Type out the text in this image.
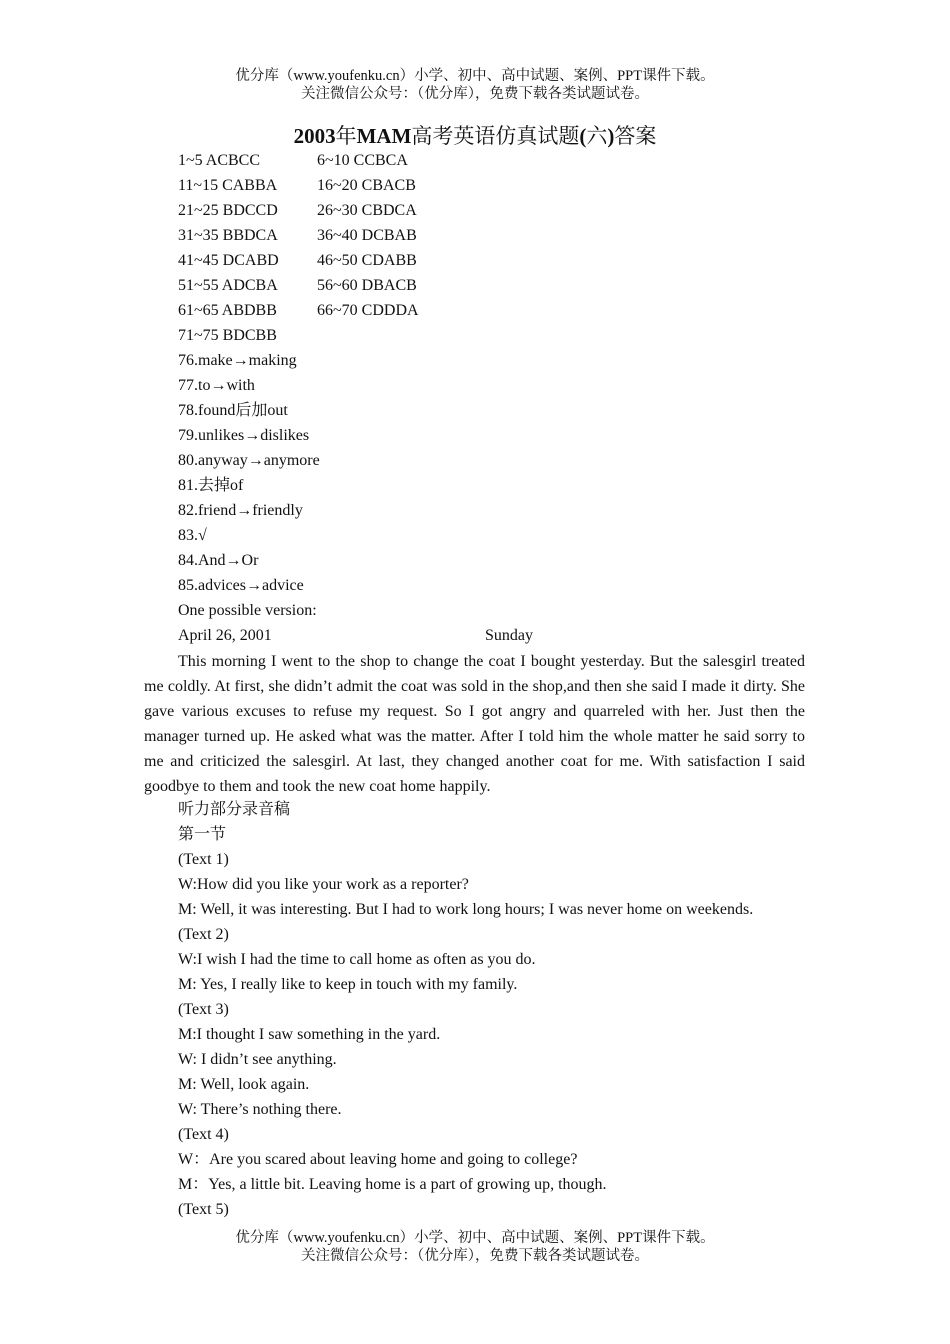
优分库（www.youfenku.cn）小学、初中、高中试题、案例、PPT课件下载。
关注微信公众号：（优分库），免费下载各类试题试卷。
2003年MAM高考英语仿真试题(六)答案
1~5 ACBCC	6~10 CCBCA
11~15 CABBA 16~20 CBACB
21~25 BDCCD 26~30 CBDCA
31~35 BBDCA 36~40 DCBAB
41~45 DCABD 46~50 CDABB
51~55 ADCBA 56~60 DBACB
61~65 ABDBB	66~70 CDDDA
71~75 BDCBB
76.make→making
77.to→with
78.found后加out
79.unlikes→dislikes
80.anyway→anymore
81.去掉of
82.friend→friendly
83.√
84.And→Or
85.advices→advice
One possible version:
April 26, 2001	Sunday
This morning I went to the shop to change the coat I bought yesterday. But the salesgirl treated me coldly. At first, she didn’t admit the coat was sold in the shop,and then she said I made it dirty. She gave various excuses to refuse my request. So I got angry and quarreled with her. Just then the manager turned up. He asked what was the matter. After I told him the whole matter he said sorry to me and criticized the salesgirl. At last, they changed another coat for me. With satisfaction I said goodbye to them and took the new coat home happily.
听力部分录音稿
第一节
(Text 1)
W:How did you like your work as a reporter?
M: Well, it was interesting. But I had to work long hours; I was never home on weekends.
(Text 2)
W:I wish I had the time to call home as often as you do.
M: Yes, I really like to keep in touch with my family.
(Text 3)
M:I thought I saw something in the yard.
W: I didn’t see anything.
M: Well, look again.
W: There’s nothing there.
(Text 4)
W：Are you scared about leaving home and going to college?
M：Yes, a little bit. Leaving home is a part of growing up, though.
(Text 5)
优分库（www.youfenku.cn）小学、初中、高中试题、案例、PPT课件下载。
关注微信公众号：（优分库），免费下载各类试题试卷。
